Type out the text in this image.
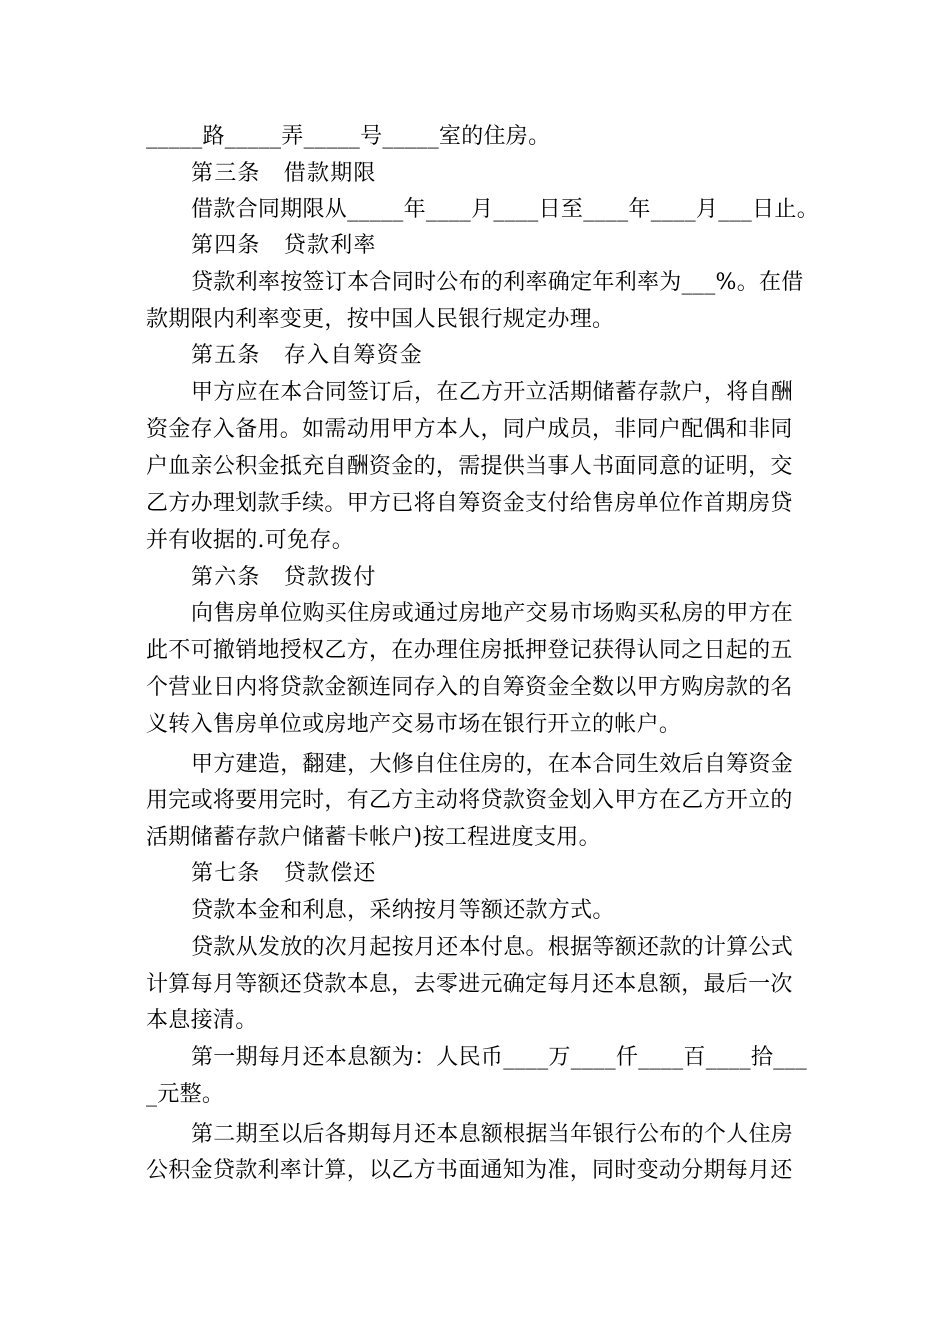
_____路_____弄_____号_____室的住房。

第三条　借款期限

借款合同期限从_____年____月____日至____年____月___日止。

第四条　贷款利率

贷款利率按签订本合同时公布的利率确定年利率为___%。在借

款期限内利率变更，按中国人民银行规定办理。

第五条　存入自筹资金

甲方应在本合同签订后，在乙方开立活期储蓄存款户，将自酬

资金存入备用。如需动用甲方本人，同户成员，非同户配偶和非同

户血亲公积金抵充自酬资金的，需提供当事人书面同意的证明，交

乙方办理划款手续。甲方已将自筹资金支付给售房单位作首期房贷

并有收据的.可免存。

第六条　贷款拨付

向售房单位购买住房或通过房地产交易市场购买私房的甲方在

此不可撤销地授权乙方，在办理住房抵押登记获得认同之日起的五

个营业日内将贷款金额连同存入的自筹资金全数以甲方购房款的名

义转入售房单位或房地产交易市场在银行开立的帐户。

甲方建造，翻建，大修自住住房的，在本合同生效后自筹资金

用完或将要用完时，有乙方主动将贷款资金划入甲方在乙方开立的

活期储蓄存款户储蓄卡帐户)按工程进度支用。

第七条　贷款偿还

贷款本金和利息，采纳按月等额还款方式。

贷款从发放的次月起按月还本付息。根据等额还款的计算公式

计算每月等额还贷款本息，去零进元确定每月还本息额，最后一次

本息接清。

第一期每月还本息额为：人民币____万____仟____百____拾___

_元整。

第二期至以后各期每月还本息额根据当年银行公布的个人住房

公积金贷款利率计算，以乙方书面通知为准，同时变动分期每月还
